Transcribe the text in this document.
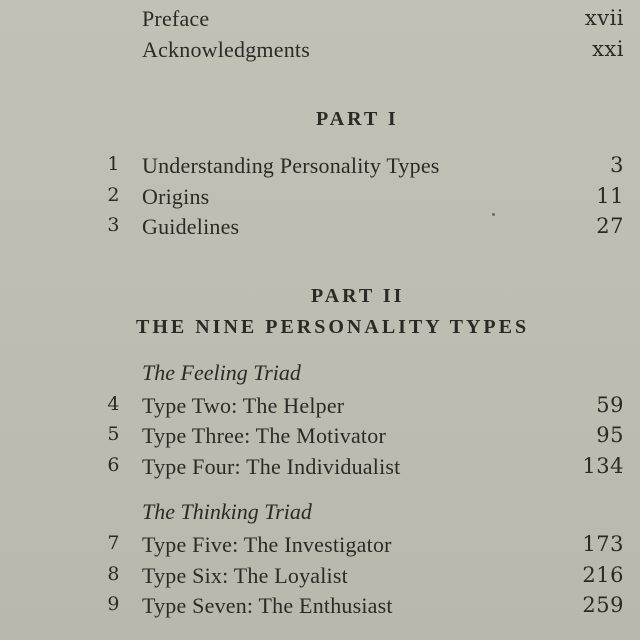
Preface	xvii
Acknowledgments	xxi
PART I
1 Understanding Personality Types	3
2 Origins	11
3 Guidelines	27
PART II
THE NINE PERSONALITY TYPES
The Feeling Triad
4 Type Two: The Helper	59
5 Type Three: The Motivator	95
6 Type Four: The Individualist	134
The Thinking Triad
7 Type Five: The Investigator	173
8 Type Six: The Loyalist	216
9 Type Seven: The Enthusiast	259
